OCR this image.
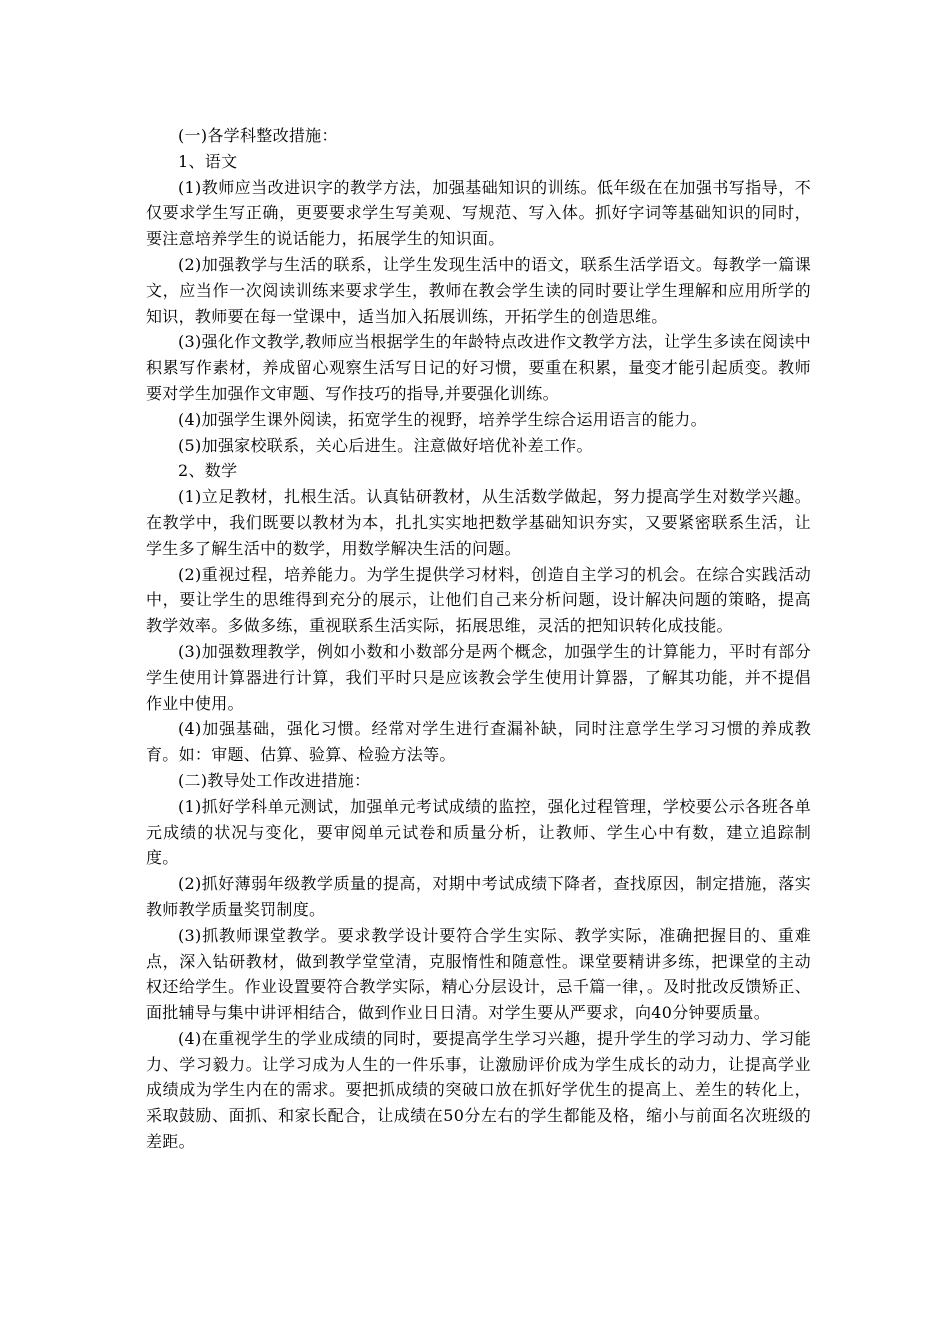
(一)各学科整改措施：

1、语文

(1)教师应当改进识字的教学方法，加强基础知识的训练。低年级在在加强书写指导，不仅要求学生写正确，更要要求学生写美观、写规范、写入体。抓好字词等基础知识的同时，要注意培养学生的说话能力，拓展学生的知识面。

(2)加强教学与生活的联系，让学生发现生活中的语文，联系生活学语文。每教学一篇课文，应当作一次阅读训练来要求学生，教师在教会学生读的同时要让学生理解和应用所学的知识，教师要在每一堂课中，适当加入拓展训练，开拓学生的创造思维。

(3)强化作文教学,教师应当根据学生的年龄特点改进作文教学方法，让学生多读在阅读中积累写作素材，养成留心观察生活写日记的好习惯，要重在积累，量变才能引起质变。教师要对学生加强作文审题、写作技巧的指导,并要强化训练。

(4)加强学生课外阅读，拓宽学生的视野，培养学生综合运用语言的能力。

(5)加强家校联系，关心后进生。注意做好培优补差工作。

2、数学

(1)立足教材，扎根生活。认真钻研教材，从生活数学做起，努力提高学生对数学兴趣。在教学中，我们既要以教材为本，扎扎实实地把数学基础知识夯实，又要紧密联系生活，让学生多了解生活中的数学，用数学解决生活的问题。

(2)重视过程，培养能力。为学生提供学习材料，创造自主学习的机会。在综合实践活动中，要让学生的思维得到充分的展示，让他们自己来分析问题，设计解决问题的策略，提高教学效率。多做多练，重视联系生活实际，拓展思维，灵活的把知识转化成技能。

(3)加强数理教学，例如小数和小数部分是两个概念，加强学生的计算能力，平时有部分学生使用计算器进行计算，我们平时只是应该教会学生使用计算器，了解其功能，并不提倡作业中使用。

(4)加强基础，强化习惯。经常对学生进行查漏补缺，同时注意学生学习习惯的养成教育。如：审题、估算、验算、检验方法等。

(二)教导处工作改进措施：

(1)抓好学科单元测试，加强单元考试成绩的监控，强化过程管理，学校要公示各班各单元成绩的状况与变化，要审阅单元试卷和质量分析，让教师、学生心中有数，建立追踪制度。

(2)抓好薄弱年级教学质量的提高，对期中考试成绩下降者，查找原因，制定措施，落实教师教学质量奖罚制度。

(3)抓教师课堂教学。要求教学设计要符合学生实际、教学实际，准确把握目的、重难点，深入钻研教材，做到教学堂堂清，克服惰性和随意性。课堂要精讲多练，把课堂的主动权还给学生。作业设置要符合教学实际，精心分层设计，忌千篇一律，。及时批改反馈矫正、面批辅导与集中讲评相结合，做到作业日日清。对学生要从严要求，向40分钟要质量。

(4)在重视学生的学业成绩的同时，要提高学生学习兴趣，提升学生的学习动力、学习能力、学习毅力。让学习成为人生的一件乐事，让激励评价成为学生成长的动力，让提高学业成绩成为学生内在的需求。要把抓成绩的突破口放在抓好学优生的提高上、差生的转化上，采取鼓励、面抓、和家长配合，让成绩在50分左右的学生都能及格，缩小与前面名次班级的差距。
